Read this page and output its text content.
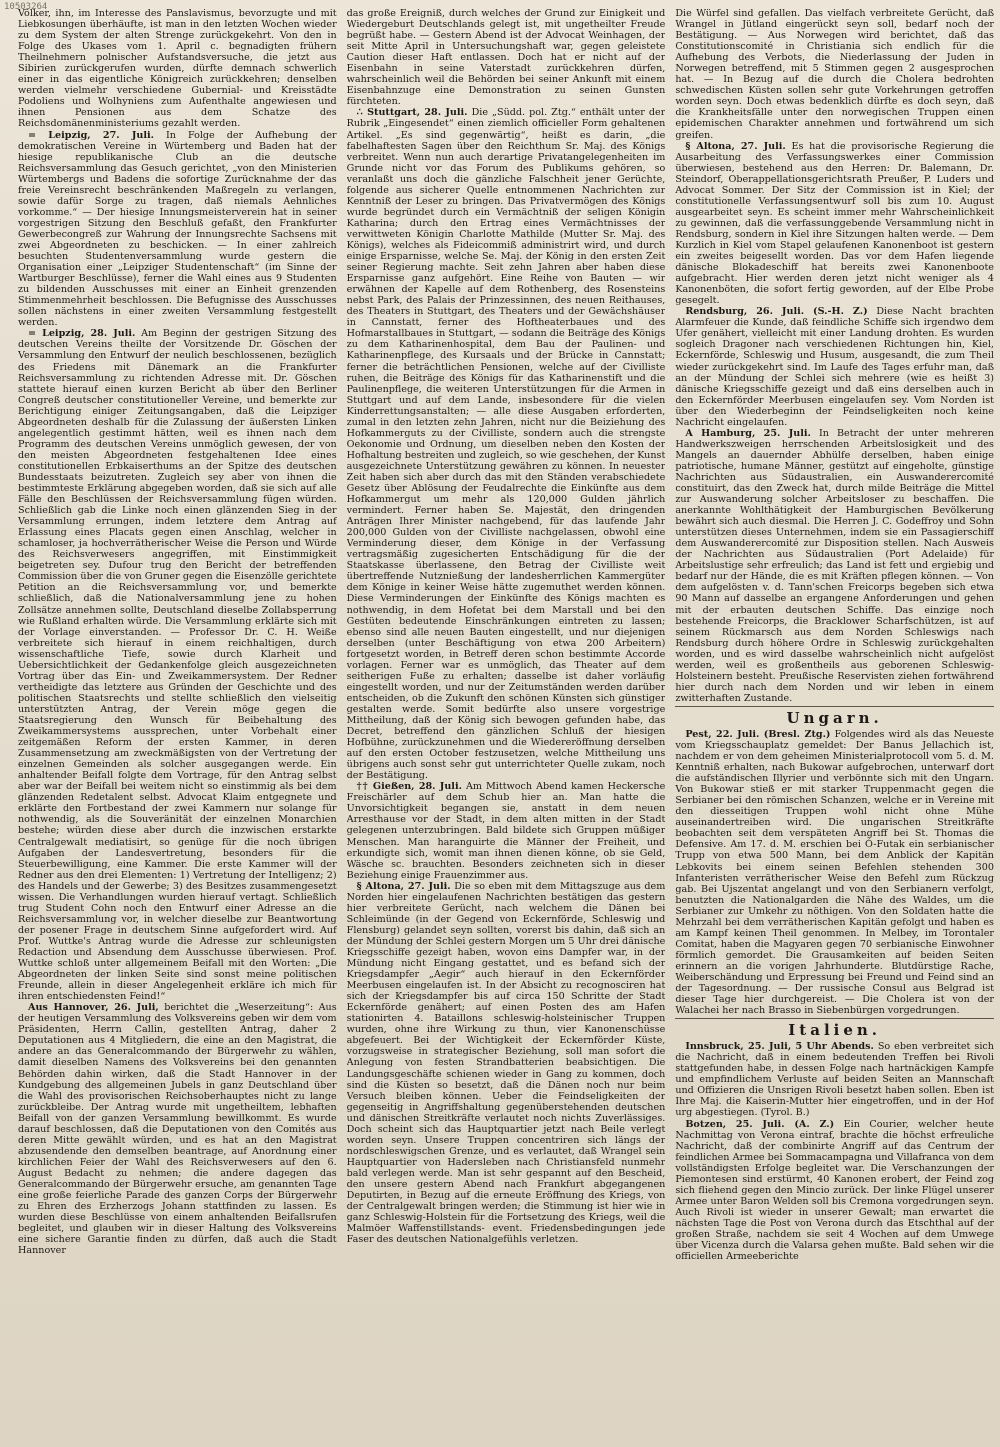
10503264

Völker, ihn, im Interesse des Panslavismus, bevorzugte und mit Liebkosungen überhäufte, ist man in den letzten Wochen wieder zu dem System der alten Strenge zurückgekehrt. Von den in Folge des Ukases vom 1. April c. begnadigten frühern Theilnehmern polnischer Aufstandsversuche, die jetzt aus Sibirien zurückgerufen wurden, dürfte demnach schwerlich einer in das eigentliche Königreich zurückkehren; denselben werden vielmehr verschiedene Gubernial- und Kreisstädte Podoliens und Wolhyniens zum Aufenthalte angewiesen und ihnen Pensionen aus dem Schatze des Reichsdomänenministeriums gezahlt werden.

= Leipzig, 27. Juli. In Folge der Aufhebung der demokratischen Vereine in Würtemberg und Baden hat der hiesige republikanische Club an die deutsche Reichsversammlung das Gesuch gerichtet, „von den Ministerien Würtembergs und Badens die sofortige Zurücknahme der das freie Vereinsrecht beschränkenden Maßregeln zu verlangen, sowie dafür Sorge zu tragen, daß niemals Aehnliches vorkomme.“ — Der hiesige Innungsmeisterverein hat in seiner vorgestrigen Sitzung den Beschluß gefaßt, den Frankfurter Gewerbecongreß zur Wahrung der Innungsrechte Sachsens mit zwei Abgeordneten zu beschicken. — In einer zahlreich besuchten Studentenversammlung wurde gestern die Organisation einer „Leipziger Studentenschaft“ (im Sinne der Wartburger Beschlüsse), ferner die Wahl eines aus 9 Studenten zu bildenden Ausschusses mit einer an Einheit grenzenden Stimmenmehrheit beschlossen. Die Befugnisse des Ausschusses sollen nächstens in einer zweiten Versammlung festgestellt werden.

= Leipzig, 28. Juli. Am Beginn der gestrigen Sitzung des deutschen Vereins theilte der Vorsitzende Dr. Göschen der Versammlung den Entwurf der neulich beschlossenen, bezüglich des Friedens mit Dänemark an die Frankfurter Reichsversammlung zu richtenden Adresse mit. Dr. Göschen stattete hierauf einen kurzen Bericht ab über den Berliner Congreß deutscher constitutioneller Vereine, und bemerkte zur Berichtigung einiger Zeitungsangaben, daß die Leipziger Abgeordneten deshalb für die Zulassung der äußersten Linken angelegentlich gestimmt hätten, weil es ihnen nach dem Programm des deutschen Vereins unmöglich gewesen, der von den meisten Abgeordneten festgehaltenen Idee eines constitutionellen Erbkaiserthums an der Spitze des deutschen Bundesstaats beizutreten. Zugleich sey aber von ihnen die bestimmteste Erklärung abgegeben worden, daß sie sich auf alle Fälle den Beschlüssen der Reichsversammlung fügen würden. Schließlich gab die Linke noch einen glänzenden Sieg in der Versammlung errungen, indem letztere dem Antrag auf Erlassung eines Placats gegen einen Anschlag, welcher in schamloser, ja hochverrätherischer Weise die Person und Würde des Reichsverwesers angegriffen, mit Einstimmigkeit beigetreten sey. Dufour trug den Bericht der betreffenden Commission über die von Gruner gegen die Eisenzölle gerichtete Petition an die Reichsversammlung vor, und bemerkte schließlich, daß die Nationalversammlung jene zu hohen Zollsätze annehmen sollte, Deutschland dieselbe Zollabsperrung wie Rußland erhalten würde. Die Versammlung erklärte sich mit der Vorlage einverstanden. — Professor Dr. C. H. Weiße verbreitete sich hierauf in einem reichhaltigen, durch wissenschaftliche Tiefe, sowie durch Klarheit und Uebersichtlichkeit der Gedankenfolge gleich ausgezeichneten Vortrag über das Ein- und Zweikammersystem. Der Redner vertheidigte das letztere aus Gründen der Geschichte und des politischen Staatsrechts und stellte schließlich den vielseitig unterstützten Antrag, der Verein möge gegen die Staatsregierung den Wunsch für Beibehaltung des Zweikammersystems aussprechen, unter Vorbehalt einer zeitgemäßen Reform der ersten Kammer, in deren Zusammensetzung am zweckmäßigsten von der Vertretung der einzelnen Gemeinden als solcher ausgegangen werde. Ein anhaltender Beifall folgte dem Vortrage, für den Antrag selbst aber war der Beifall bei weitem nicht so einstimmig als bei dem glänzenden Redetalent selbst. Advocat Klaim entgegnete und erklärte den Fortbestand der zwei Kammern nur solange für nothwendig, als die Souveränität der einzelnen Monarchien bestehe; würden diese aber durch die inzwischen erstarkte Centralgewalt mediatisirt, so genüge für die noch übrigen Aufgaben der Landesvertretung, besonders für die Steuerbewilligung, eine Kammer. Die erste Kammer will der Redner aus den drei Elementen: 1) Vertretung der Intelligenz; 2) des Handels und der Gewerbe; 3) des Besitzes zusammengesetzt wissen. Die Verhandlungen wurden hierauf vertagt. Schließlich trug Student Cohn noch den Entwurf einer Adresse an die Reichsversammlung vor, in welcher dieselbe zur Beantwortung der posener Frage in deutschem Sinne aufgefordert wird. Auf Prof. Wuttke's Antrag wurde die Adresse zur schleunigsten Redaction und Absendung dem Ausschusse überwiesen. Prof. Wuttke schloß unter allgemeinem Beifall mit den Worten: „Die Abgeordneten der linken Seite sind sonst meine politischen Freunde, allein in dieser Angelegenheit erkläre ich mich für ihren entschiedensten Feind!“

Aus Hannover, 26. Juli, berichtet die „Weserzeitung“: Aus der heutigen Versammlung des Volksvereins geben wir dem vom Präsidenten, Herrn Callin, gestellten Antrag, daher 2 Deputationen aus 4 Mitgliedern, die eine an den Magistrat, die andere an das Generalcommando der Bürgerwehr zu wählen, damit dieselben Namens des Volksvereins bei den genannten Behörden dahin wirken, daß die Stadt Hannover in der Kundgebung des allgemeinen Jubels in ganz Deutschland über die Wahl des provisorischen Reichsoberhauptes nicht zu lange zurückbleibe. Der Antrag wurde mit ungetheiltem, lebhaften Beifall von der ganzen Versammlung bewillkommt. Es wurde darauf beschlossen, daß die Deputationen von den Comités aus deren Mitte gewählt würden, und es hat an den Magistrat abzusendende den demselben beantrage, auf Anordnung einer kirchlichen Feier der Wahl des Reichsverwesers auf den 6. August Bedacht zu nehmen; die andere dagegen das Generalcommando der Bürgerwehr ersuche, am genannten Tage eine große feierliche Parade des ganzen Corps der Bürgerwehr zu Ehren des Erzherzogs Johann stattfinden zu lassen. Es wurden diese Beschlüsse von einem anhaltenden Beifallsrufen begleitet, und glauben wir in dieser Haltung des Volksvereins eine sichere Garantie finden zu dürfen, daß auch die Stadt Hannover

das große Ereigniß, durch welches der Grund zur Einigkeit und Wiedergeburt Deutschlands gelegt ist, mit ungetheilter Freude begrüßt habe. — Gestern Abend ist der Advocat Weinhagen, der seit Mitte April in Untersuchungshaft war, gegen geleistete Caution dieser Haft entlassen. Doch hat er nicht auf der Eisenbahn in seine Vaterstadt zurückkehren dürfen, wahrscheinlich weil die Behörden bei seiner Ankunft mit einem Eisenbahnzuge eine Demonstration zu seinen Gunsten fürchteten.

∴ Stuttgart, 28. Juli. Die „Südd. pol. Ztg.“ enthält unter der Rubrik „Eingesendet“ einen ziemlich officieller Form gehaltenen Artikel. „Es sind gegenwärtig“, heißt es darin, „die fabelhaftesten Sagen über den Reichthum Sr. Maj. des Königs verbreitet. Wenn nun auch derartige Privatangelegenheiten im Grunde nicht vor das Forum des Publikums gehören, so veranlaßt uns doch die gänzliche Falschheit jener Gerüchte, folgende aus sicherer Quelle entnommenen Nachrichten zur Kenntniß der Leser zu bringen. Das Privatvermögen des Königs wurde begründet durch ein Vermächtniß der seligen Königin Katharina; durch den Ertrag eines Vermächtnisses der verwittweten Königin Charlotte Mathilde (Mutter Sr. Maj. des Königs), welches als Fideicommiß administrirt wird, und durch einige Ersparnisse, welche Se. Maj. der König in den ersten Zeit seiner Regierung machte. Seit zehn Jahren aber haben diese Ersparnisse ganz aufgehört. Eine Reihe von Bauten — wir erwähnen der Kapelle auf dem Rothenberg, des Rosensteins nebst Park, des Palais der Prinzessinnen, des neuen Reithauses, des Theaters in Stuttgart, des Theaters und der Gewächshäuser in Cannstatt, ferner des Hoftheaterbaues und des Hofmarstallbaues in Stuttgart, — sodann die Beiträge des Königs zu dem Katharinenhospital, dem Bau der Paulinen- und Katharinenpflege, des Kursaals und der Brücke in Cannstatt; ferner die beträchtlichen Pensionen, welche auf der Civilliste ruhen, die Beiträge des Königs für das Katharinenstift und die Paulinenpflege, die weiteren Unterstützungen für die Armen in Stuttgart und auf dem Lande, insbesondere für die vielen Kinderrettungsanstalten; — alle diese Ausgaben erforderten, zumal in den letzten zehn Jahren, nicht nur die Beiziehung des Hofkammerguts zu der Civilliste, sondern auch die strengste Oekonomie und Ordnung, um dieselben neben den Kosten der Hofhaltung bestreiten und zugleich, so wie geschehen, der Kunst ausgezeichnete Unterstützung gewähren zu können. In neuester Zeit haben sich aber durch das mit den Ständen verabschiedete Gesetz über Ablösung der Feudalrechte die Einkünfte aus dem Hofkammergut um mehr als 120,000 Gulden jährlich vermindert. Ferner haben Se. Majestät, den dringenden Anträgen Ihrer Minister nachgebend, für das laufende Jahr 200,000 Gulden von der Civilliste nachgelassen, obwohl eine Verminderung dieser, dem Könige in der Verfassung vertragsmäßig zugesicherten Entschädigung für die der Staatskasse überlassene, den Betrag der Civilliste weit übertreffende Nutznießung der landesherrlichen Kammergüter dem Könige in keiner Weise hätte zugemuthet werden können. Diese Verminderungen der Einkünfte des Königs machten es nothwendig, in dem Hofetat bei dem Marstall und bei den Gestüten bedeutende Einschränkungen eintreten zu lassen; ebenso sind alle neuen Bauten eingestellt, und nur diejenigen derselben (unter Beschäftigung von etwa 200 Arbeitern) fortgesetzt worden, in Betreff deren schon bestimmte Accorde vorlagen. Ferner war es unmöglich, das Theater auf dem seitherigen Fuße zu erhalten; dasselbe ist daher vorläufig eingestellt worden, und nur der Zeitumständen werden darüber entscheiden, ob die Zukunft den schönen Künsten sich günstiger gestalten werde. Somit bedürfte also unsere vorgestrige Mittheilung, daß der König sich bewogen gefunden habe, das Decret, betreffend den gänzlichen Schluß der hiesigen Hofbühne, zurückzunehmen und die Wiedereröffnung derselben auf den ersten October festzusetzen, welche Mittheilung uns übrigens auch sonst sehr gut unterrichteter Quelle zukam, noch der Bestätigung.

†† Gießen, 28. Juli. Am Mittwoch Abend kamen Heckersche Freischärler auf dem Schub hier an. Man hatte die Unvorsichtigkeit begangen sie, anstatt in dem neuen Arresthause vor der Stadt, in dem alten mitten in der Stadt gelegenen unterzubringen. Bald bildete sich Gruppen müßiger Menschen. Man haranguirte die Männer der Freiheit, und erkundigte sich, womit man ihnen dienen könne, ob sie Geld, Wäsche sc. brauchten. Besonders zeichneten sich in dieser Beziehung einige Frauenzimmer aus.

§ Altona, 27. Juli. Die so eben mit dem Mittagszuge aus dem Norden hier eingelaufenen Nachrichten bestätigen das gestern hier verbreitete Gerücht, nach welchem die Dänen bei Schleimünde (in der Gegend von Eckernförde, Schleswig und Flensburg) gelandet seyn sollten, vorerst bis dahin, daß sich an der Mündung der Schlei gestern Morgen um 5 Uhr drei dänische Kriegsschiffe gezeigt haben, wovon eins Dampfer war, in der Mündung nicht Eingang gestattet, und es befand sich der Kriegsdampfer „Aegir“ auch hierauf in den Eckernförder Meerbusen eingelaufen ist. In der Absicht zu recognosciren hat sich der Kriegsdampfer bis auf circa 150 Schritte der Stadt Eckernförde genähert; auf einen Posten des am Hafen stationirten 4. Bataillons schleswig-holsteinischer Truppen wurden, ohne ihre Wirkung zu thun, vier Kanonenschüsse abgefeuert. Bei der Wichtigkeit der Eckernförder Küste, vorzugsweise in strategischer Beziehung, soll man sofort die Anlegung von festen Strandbatterien beabsichtigen. Die Landungsgeschäfte schienen wieder in Gang zu kommen, doch sind die Küsten so besetzt, daß die Dänen noch nur beim Versuch bleiben können. Ueber die Feindseligkeiten der gegenseitig in Angriffshaltung gegenüberstehenden deutschen und dänischen Streitkräfte verlautet noch nichts Zuverlässiges. Doch scheint sich das Hauptquartier jetzt nach Beile verlegt worden seyn. Unsere Truppen concentriren sich längs der nordschleswigschen Grenze, und es verlautet, daß Wrangel sein Hauptquartier von Hadersleben nach Christiansfeld nunmehr bald verlegen werde. Man ist sehr gespannt auf den Bescheid, den unsere gestern Abend nach Frankfurt abgegangenen Deputirten, in Bezug auf die erneute Eröffnung des Kriegs, von der Centralgewalt bringen werden; die Stimmung ist hier wie in ganz Schleswig-Holstein für die Fortsetzung des Kriegs, weil die Malmöer Waffenstillstands- event. Friedensbedingungen jede Faser des deutschen Nationalgefühls verletzen.

Die Würfel sind gefallen. Das vielfach verbreitete Gerücht, daß Wrangel in Jütland eingerückt seyn soll, bedarf noch der Bestätigung. — Aus Norwegen wird berichtet, daß das Constitutionscomité in Christiania sich endlich für die Aufhebung des Verbots, die Niederlassung der Juden in Norwegen betreffend, mit 5 Stimmen gegen 2 ausgesprochen hat. — In Bezug auf die durch die Cholera bedrohten schwedischen Küsten sollen sehr gute Vorkehrungen getroffen worden seyn. Doch etwas bedenklich dürfte es doch seyn, daß die Krankheitsfälle unter den norwegischen Truppen einen epidemischen Charakter annehmen und fortwährend um sich greifen.

§ Altona, 27. Juli. Es hat die provisorische Regierung die Ausarbeitung des Verfassungswerkes einer Commission überwiesen, bestehend aus den Herren: Dr. Balemann, Dr. Steindorf, Oberappellationsgerichtsrath Preußer, P. Luders und Advocat Sommer. Der Sitz der Commission ist in Kiel; der constitutionelle Verfassungsentwurf soll bis zum 10. August ausgearbeitet seyn. Es scheint immer mehr Wahrscheinlichkeit zu gewinnen, daß die verfassunggebende Versammlung nicht in Rendsburg, sondern in Kiel ihre Sitzungen halten werde. — Dem Kurzlich in Kiel vom Stapel gelaufenen Kanonenboot ist gestern ein zweites beigesellt worden. Das vor dem Hafen liegende dänische Blokadeschiff hat bereits zwei Kanonenboote aufgebracht. Hier werden deren jetzt nicht weniger als 4 Kanonenböten, die sofort fertig geworden, auf der Elbe Probe gesegelt.

Rendsburg, 26. Juli. (S.-H. Z.) Diese Nacht brachten Alarmfeuer die Kunde, daß feindliche Schiffe sich irgendwo dem Ufer genähert, vielleicht mit einer Landung drohten. Es wurden sogleich Dragoner nach verschiedenen Richtungen hin, Kiel, Eckernförde, Schleswig und Husum, ausgesandt, die zum Theil wieder zurückgekehrt sind. Im Laufe des Tages erfuhr man, daß an der Mündung der Schlei sich mehrere (wie es heißt 3) dänische Kriegsschiffe gezeigt und daß eins derselben auch in den Eckernförder Meerbusen eingelaufen sey. Vom Norden ist über den Wiederbeginn der Feindseligkeiten noch keine Nachricht eingelaufen.

A Hamburg, 25. Juli. In Betracht der unter mehreren Handwerkszweigen herrschenden Arbeitslosigkeit und des Mangels an dauernder Abhülfe derselben, haben einige patriotische, humane Männer, gestützt auf eingeholte, günstige Nachrichten aus Südaustralien, ein Auswanderercomité constituirt, das den Zweck hat, durch milde Beiträge die Mittel zur Auswanderung solcher Arbeitsloser zu beschaffen. Die anerkannte Wohlthätigkeit der Hamburgischen Bevölkerung bewährt sich auch diesmal. Die Herren J. C. Godeffroy und Sohn unterstützen dieses Unternehmen, indem sie ein Passagierschiff dem Auswanderercomité zur Disposition stellen. Nach Ausweis der Nachrichten aus Südaustralien (Port Adelaide) für Arbeitslustige sehr erfreulich; das Land ist fett und ergiebig und bedarf nur der Hände, die es mit Kräften pflegen können. — Von dem aufgelösten v. d. Tann'schen Freicorps begeben sich etwa 90 Mann auf dasselbe an ergangene Anforderungen und gehen mit der erbauten deutschen Schiffe. Das einzige noch bestehende Freicorps, die Bracklower Scharfschützen, ist auf seinem Rückmarsch aus dem Norden Schleswigs nach Rendsburg durch höhere Ordre in Schleswig zurückgehalten worden, und es wird dasselbe wahrscheinlich nicht aufgelöst werden, weil es großentheils aus geborenen Schleswig-Holsteinern besteht. Preußische Reservisten ziehen fortwährend hier durch nach dem Norden und wir leben in einem zwitterhaften Zustande.

Ungarn.

Pest, 22. Juli. (Bresl. Ztg.) Folgendes wird als das Neueste vom Kriegsschauplatz gemeldet: Der Banus Jellachich ist, nachdem er von dem geheimen Ministerialprotocoll vom 5. d. M. Kenntniß erhalten, nach Bukowar aufgebrochen, unterwarf dort die aufständischen Illyrier und verbönnte sich mit den Ungarn. Von Bukowar stieß er mit starker Truppenmacht gegen die Serbianer bei den römischen Schanzen, welche er in Vereine mit den diesseitigen Truppen wohl nicht ohne Mühe auseinandertreiben wird. Die ungarischen Streitkräfte beobachten seit dem verspäteten Angriff bei St. Thomas die Defensive. Am 17. d. M. erschien bei Ó-Futak ein serbianischer Trupp von etwa 500 Mann, bei dem Anblick der Kapitän Lebkovits bei einem seinen Befehlen stehenden 300 Infanteristen verrätherischer Weise den Befehl zum Rückzug gab. Bei Ujszentat angelangt und von den Serbianern verfolgt, benutzten die Nationalgarden die Nähe des Waldes, um die Serbianer zur Umkehr zu nöthigen. Von den Soldaten hatte die Mehrzahl bei dem verrätherischen Kapitän gefolgt und haben es am Kampf keinen Theil genommen. In Melbey, im Torontaler Comitat, haben die Magyaren gegen 70 serbianische Einwohner förmlich gemordet. Die Grausamkeiten auf beiden Seiten erinnern an die vorigen Jahrhunderte. Blutdürstige Rache, Weiberschändung und Erpressung bei Freund und Feind sind an der Tagesordnung. — Der russische Consul aus Belgrad ist dieser Tage hier durchgereist. — Die Cholera ist von der Walachei her nach Brasso in Siebenbürgen vorgedrungen.

Italien.

Innsbruck, 25. Juli, 5 Uhr Abends. So eben verbreitet sich die Nachricht, daß in einem bedeutenden Treffen bei Rivoli stattgefunden habe, in dessen Folge nach hartnäckigen Kampfe und empfindlichem Verluste auf beiden Seiten an Mannschaft und Offizieren die Unsrigen Rivoli besetzt haben sollen. Eben ist Ihre Maj. die Kaiserin-Mutter hier eingetroffen, und in der Hof urg abgestiegen. (Tyrol. B.)

Botzen, 25. Juli. (A. Z.) Ein Courier, welcher heute Nachmittag von Verona eintraf, brachte die höchst erfreuliche Nachricht, daß der combinirte Angriff auf das Centrum der feindlichen Armee bei Sommacampagna und Villafranca von dem vollständigsten Erfolge begleitet war. Die Verschanzungen der Piemontesen sind erstürmt, 40 Kanonen erobert, der Feind zog sich fliehend gegen den Mincio zurück. Der linke Flügel unserer Armee unter Baron Welden soll bis Cremona vorgedrungen seyn. Auch Rivoli ist wieder in unserer Gewalt; man erwartet die nächsten Tage die Post von Verona durch das Etschthal auf der großen Straße, nachdem sie seit 4 Wochen auf dem Umwege über Vicenza durch die Valarsa gehen mußte. Bald sehen wir die officiellen Armeeberichte
